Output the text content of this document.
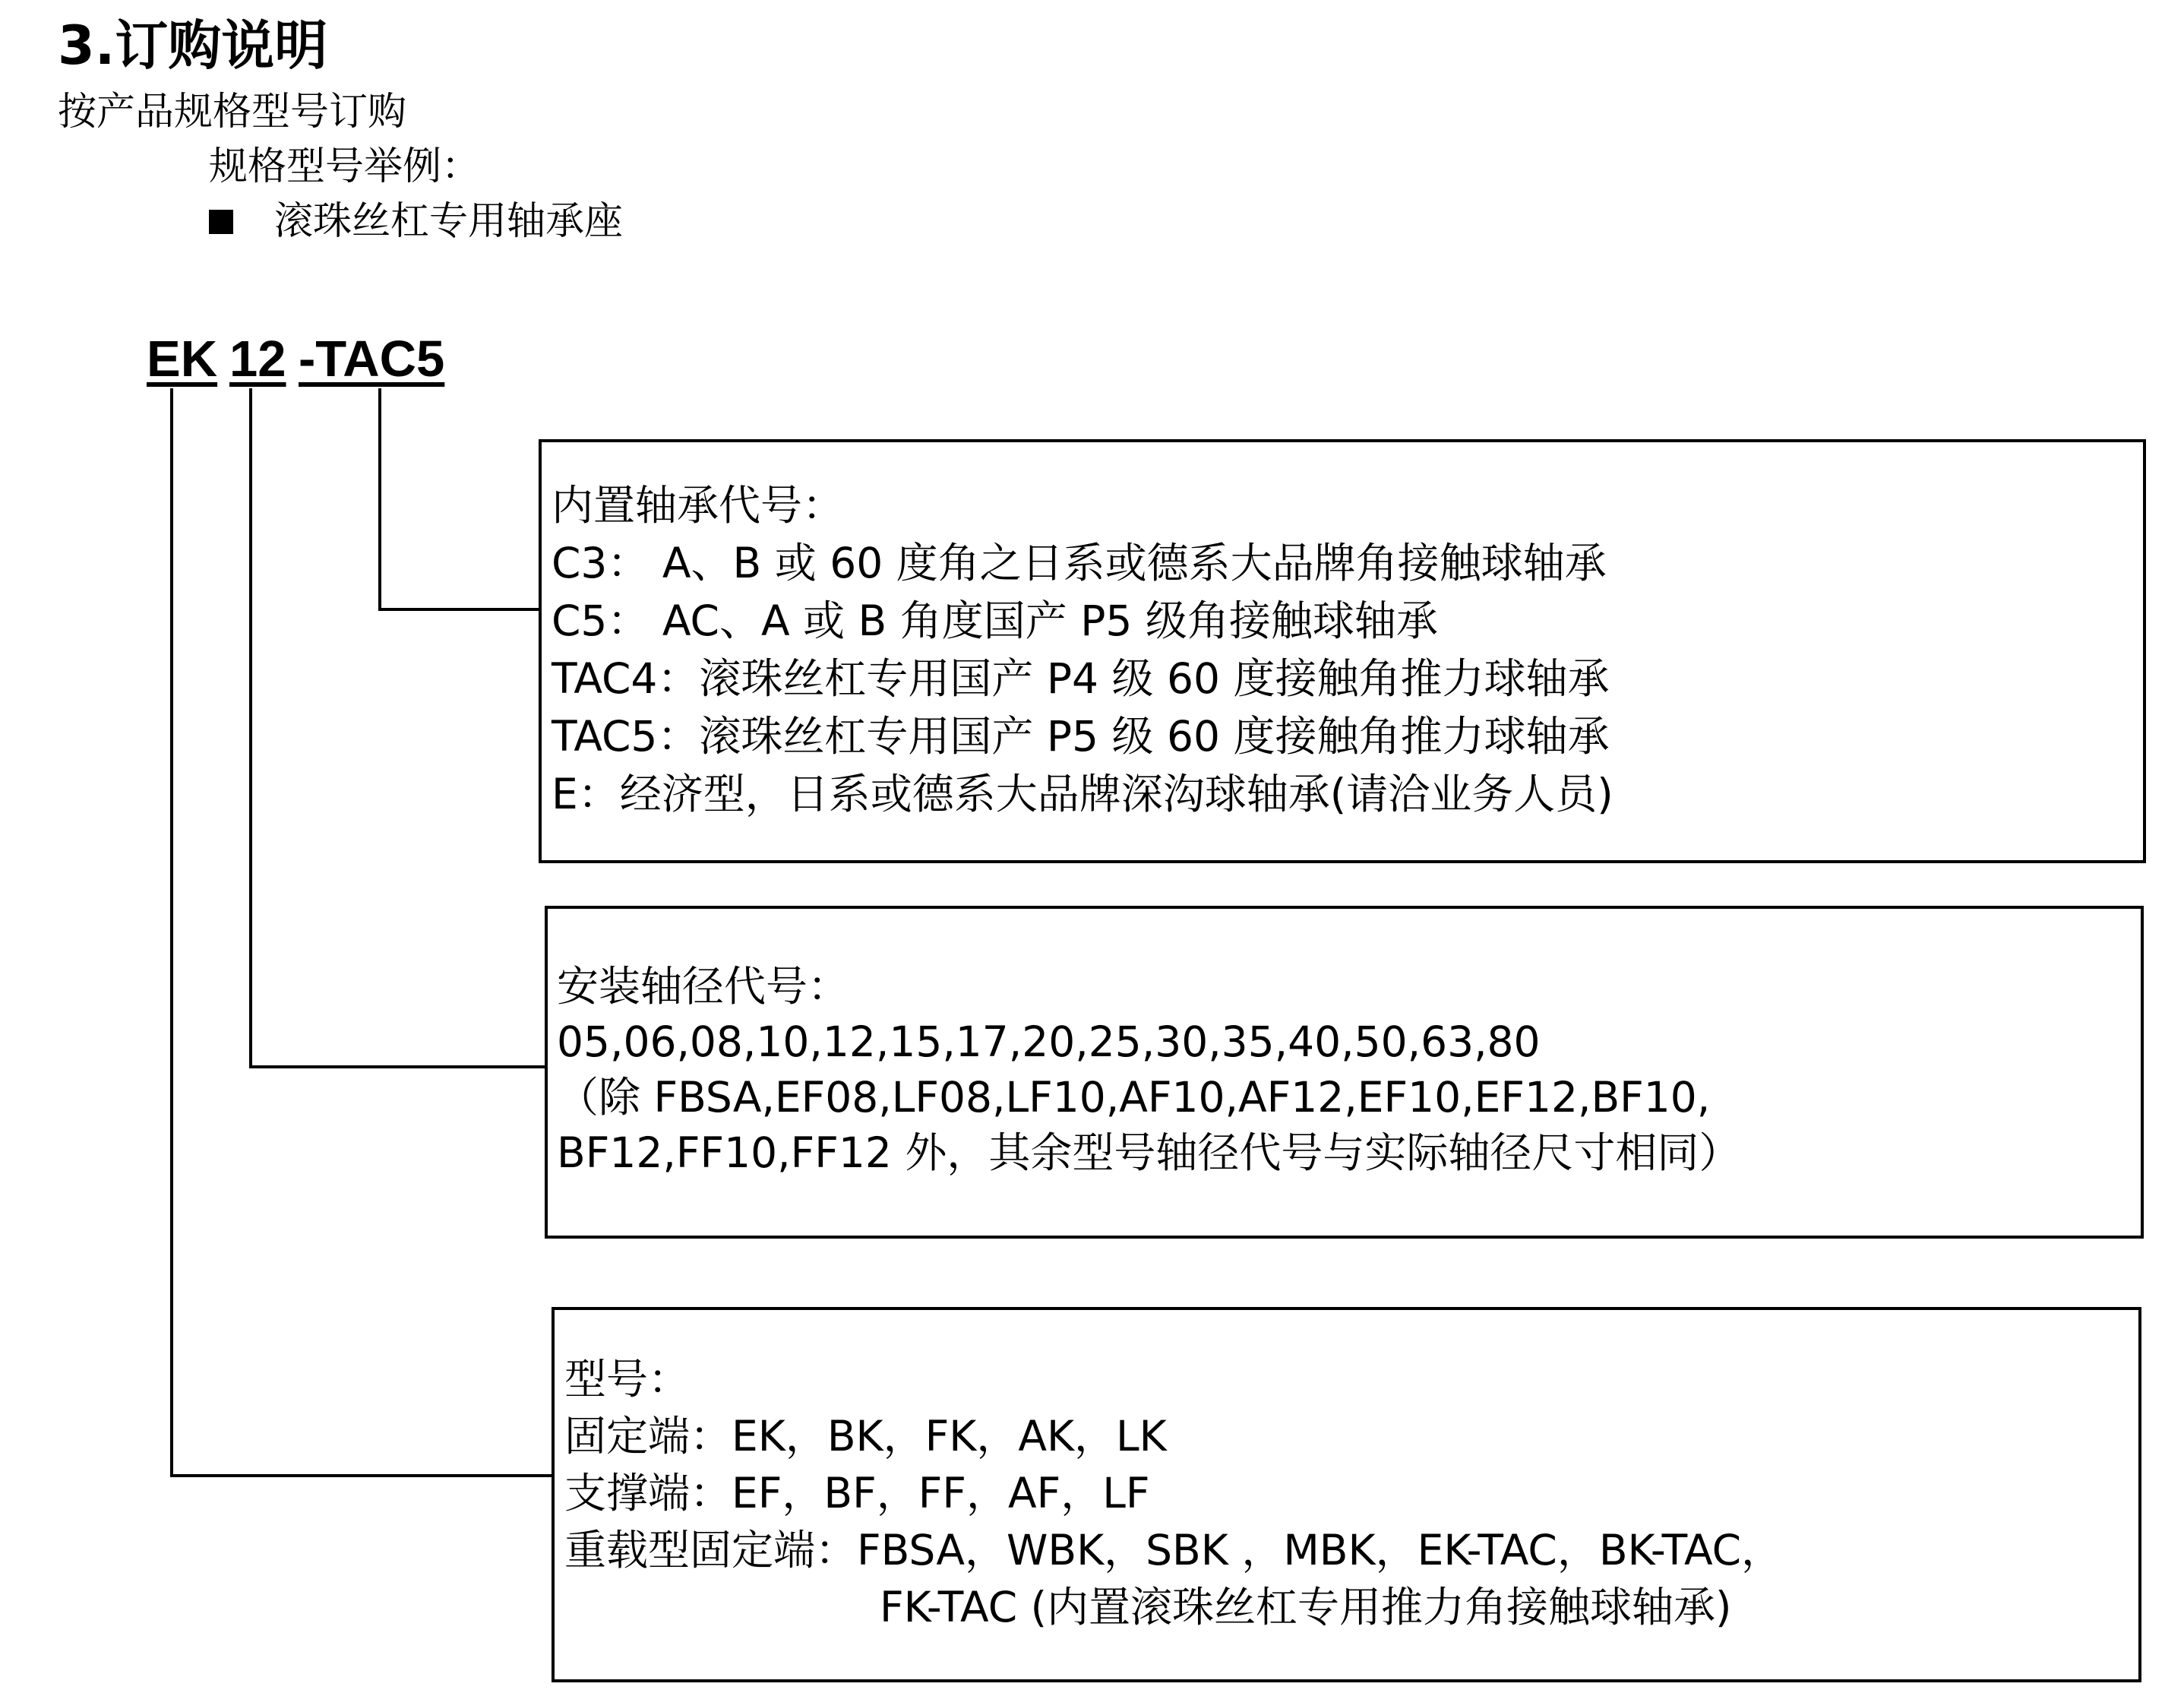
3.订购说明
按产品规格型号订购
规格型号举例：
滚珠丝杠专用轴承座
EK 12 -TAC5
内置轴承代号：
C3： A、B 或 60 度角之日系或德系大品牌角接触球轴承
C5： AC、A 或 B 角度国产 P5 级角接触球轴承
TAC4：滚珠丝杠专用国产 P4 级 60 度接触角推力球轴承
TAC5：滚珠丝杠专用国产 P5 级 60 度接触角推力球轴承
E：经济型，日系或德系大品牌深沟球轴承(请洽业务人员)
安装轴径代号：
05,06,08,10,12,15,17,20,25,30,35,40,50,63,80
（除 FBSA,EF08,LF08,LF10,AF10,AF12,EF10,EF12,BF10,
BF12,FF10,FF12 外，其余型号轴径代号与实际轴径尺寸相同）
型号：
固定端：EK，BK，FK，AK，LK
支撑端：EF，BF，FF，AF，LF
重载型固定端：FBSA，WBK，SBK ，MBK，EK-TAC，BK-TAC，
FK-TAC (内置滚珠丝杠专用推力角接触球轴承)
